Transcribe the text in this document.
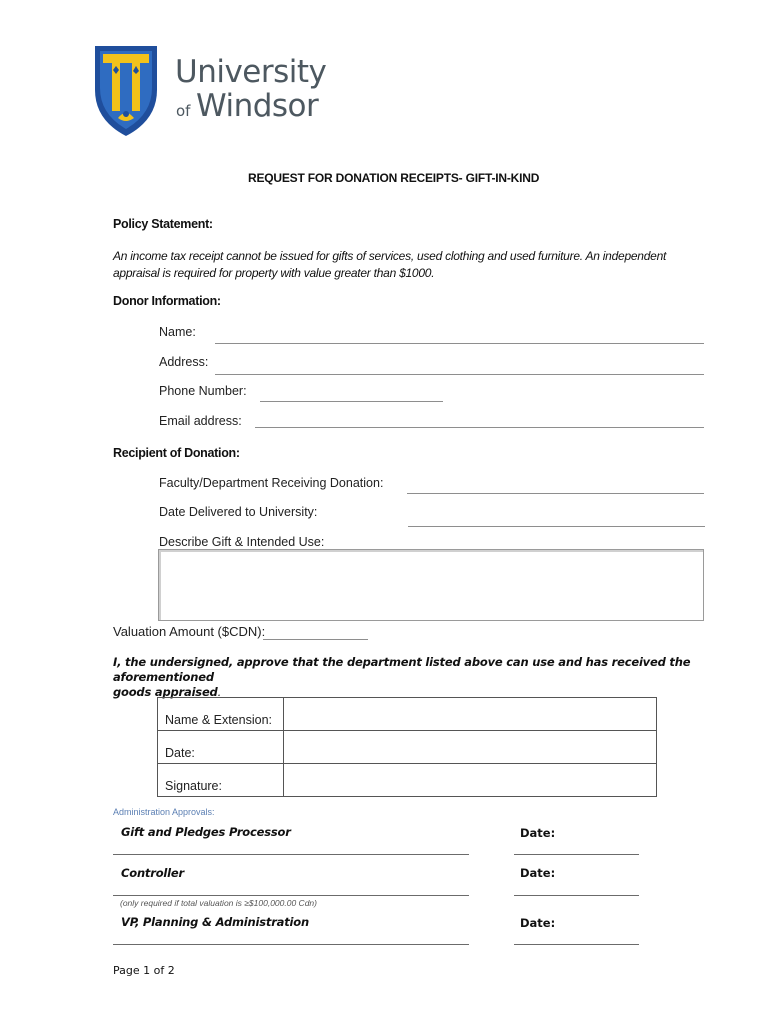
University
of Windsor
REQUEST FOR DONATION RECEIPTS- GIFT-IN-KIND
Policy Statement:
An income tax receipt cannot be issued for gifts of services, used clothing and used furniture. An independent
appraisal is required for property with value greater than $1000.
Donor Information:
Name:
Address:
Phone Number:
Email address:
Recipient of Donation:
Faculty/Department Receiving Donation:
Date Delivered to University:
Describe Gift & Intended Use:
Valuation Amount ($CDN):
I, the undersigned, approve that the department listed above can use and has received the aforementioned
goods appraised.
Name & Extension:	
Date:	
Signature:	
Administration Approvals:
Gift and Pledges Processor	Date:
Controller	Date:
(only required if total valuation is ≥$100,000.00 Cdn)
VP, Planning & Administration	Date:
Page 1 of 2
